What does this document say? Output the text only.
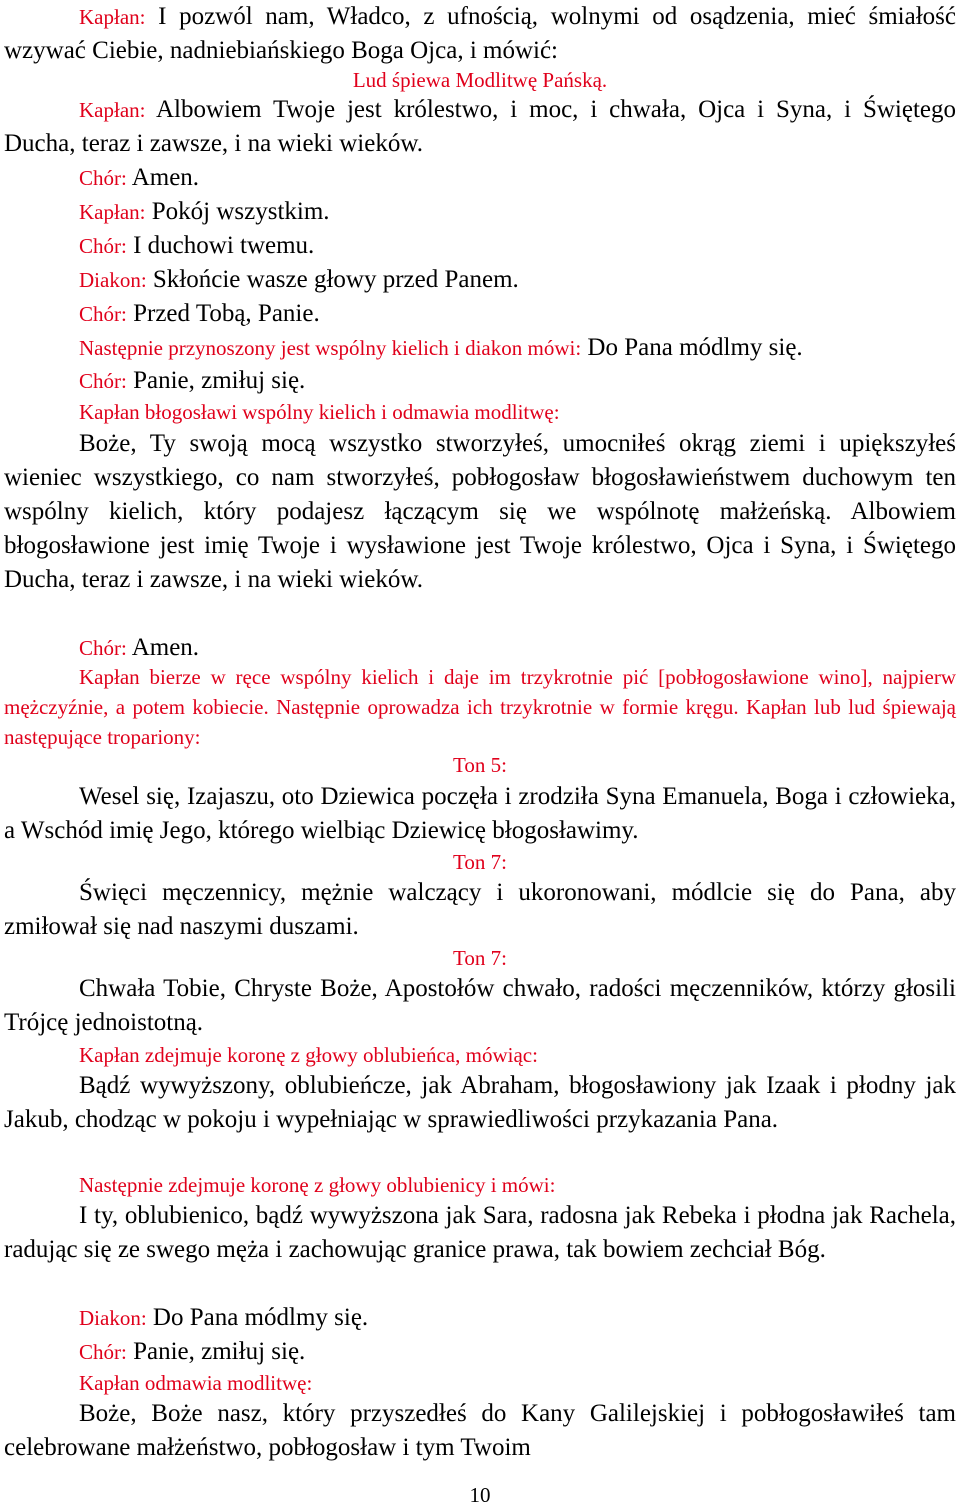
Kapłan: I pozwól nam, Władco, z ufnością, wolnymi od osądzenia, mieć śmiałość wzywać Ciebie, nadniebiańskiego Boga Ojca, i mówić:

Lud śpiewa Modlitwę Pańską.

Kapłan: Albowiem Twoje jest królestwo, i moc, i chwała, Ojca i Syna, i Świętego Ducha, teraz i zawsze, i na wieki wieków.

Chór: Amen.

Kapłan: Pokój wszystkim.

Chór: I duchowi twemu.

Diakon: Skłońcie wasze głowy przed Panem.

Chór: Przed Tobą, Panie.

Następnie przynoszony jest wspólny kielich i diakon mówi: Do Pana módlmy się.

Chór: Panie, zmiłuj się.

Kapłan błogosławi wspólny kielich i odmawia modlitwę:

Boże, Ty swoją mocą wszystko stworzyłeś, umocniłeś okrąg ziemi i upiększyłeś wieniec wszystkiego, co nam stworzyłeś, pobłogosław błogosławieństwem duchowym ten wspólny kielich, który podajesz łączącym się we wspólnotę małżeńską. Albowiem błogosławione jest imię Twoje i wysławione jest Twoje królestwo, Ojca i Syna, i Świętego Ducha, teraz i zawsze, i na wieki wieków.

Chór: Amen.

Kapłan bierze w ręce wspólny kielich i daje im trzykrotnie pić [pobłogosławione wino], najpierw mężczyźnie, a potem kobiecie. Następnie oprowadza ich trzykrotnie w formie kręgu. Kapłan lub lud śpiewają następujące tropariony:

Ton 5:

Wesel się, Izajaszu, oto Dziewica poczęła i zrodziła Syna Emanuela, Boga i człowieka, a Wschód imię Jego, którego wielbiąc Dziewicę błogosławimy.

Ton 7:

Święci męczennicy, mężnie walczący i ukoronowani, módlcie się do Pana, aby zmiłował się nad naszymi duszami.

Ton 7:

Chwała Tobie, Chryste Boże, Apostołów chwało, radości męczenników, którzy głosili Trójcę jednoistotną.

Kapłan zdejmuje koronę z głowy oblubieńca, mówiąc:

Bądź wywyższony, oblubieńcze, jak Abraham, błogosławiony jak Izaak i płodny jak Jakub, chodząc w pokoju i wypełniając w sprawiedliwości przykazania Pana.

Następnie zdejmuje koronę z głowy oblubienicy i mówi:

I ty, oblubienico, bądź wywyższona jak Sara, radosna jak Rebeka i płodna jak Rachela, radując się ze swego męża i zachowując granice prawa, tak bowiem zechciał Bóg.

Diakon: Do Pana módlmy się.

Chór: Panie, zmiłuj się.

Kapłan odmawia modlitwę:

Boże, Boże nasz, który przyszedłeś do Kany Galilejskiej i pobłogosławiłeś tam celebrowane małżeństwo, pobłogosław i tym Twoim

10
